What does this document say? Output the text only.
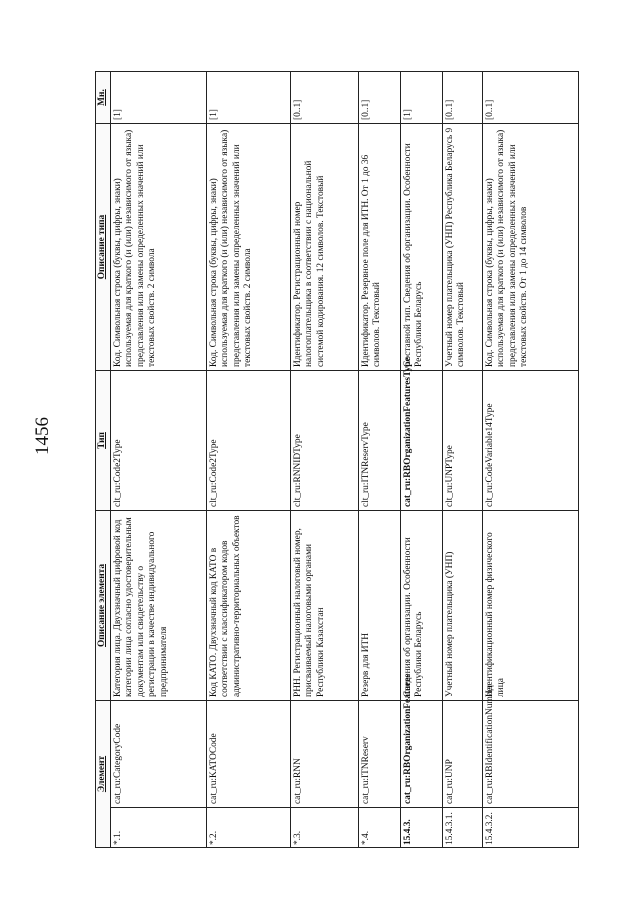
1456
Элемент		Описание элемента	Тип	Описание типа	Мн.
*.1.	cat_ru:CategoryCode	Категория лица. Двухзначный цифровой код категории лица согласно удостоверительным документам или свидетельству о регистрации в качестве индивидуального предпринимателя	clt_ru:Code2Type	Код. Символьная строка (буквы, цифры, знаки) используемая для краткого (и (или) независимого от языка) представления или замены определенных значений или текстовых свойств. 2 символа	[1]
*.2.	cat_ru:KATOCode	Код КАТО. Двухзначный код КАТО в соответствии с классификатором кодов административно-территориальных объектов	clt_ru:Code2Type	Код. Символьная строка (буквы, цифры, знаки) используемая для краткого (и (или) независимого от языка) представления или замены определенных значений или текстовых свойств. 2 символа	[1]
*.3.	cat_ru:RNN	РНН. Регистрационный налоговый номер, присваиваемый налоговыми органами Республики Казахстан	clt_ru:RNNIDType	Идентификатор. Регистрационный номер налогоплательщика в соответствии с национальной системой кодирования. 12 символов. Текстовый	[0..1]
*.4.	cat_ru:ITNReserv	Резерв для ИТН	clt_ru:ITNReservType	Идентификатор. Резервное поле для ИТН. От 1 до 36 символов. Текстовый	[0..1]
15.4.3.	cat_ru:RBOrganizationFeatures	Сведения об организации. Особенности Республики Беларусь	cat_ru:RBOrganizationFeaturesType	Составной тип. Сведения об организации. Особенности Республики Беларусь	[1]
15.4.3.1.	cat_ru:UNP	Учетный номер плательщика (УНП)	clt_ru:UNPType	Учетный номер плательщика (УНП) Республика Беларусь 9 символов. Текстовый	[0..1]
15.4.3.2.	cat_ru:RBIdentificationNumber	Идентификационный номер физического лица	clt_ru:CodeVariable14Type	Код. Символьная строка (буквы, цифры, знаки) используемая для краткого (и (или) независимого от языка) представления или замены определенных значений или текстовых свойств. От 1 до 14 символов	[0..1]
